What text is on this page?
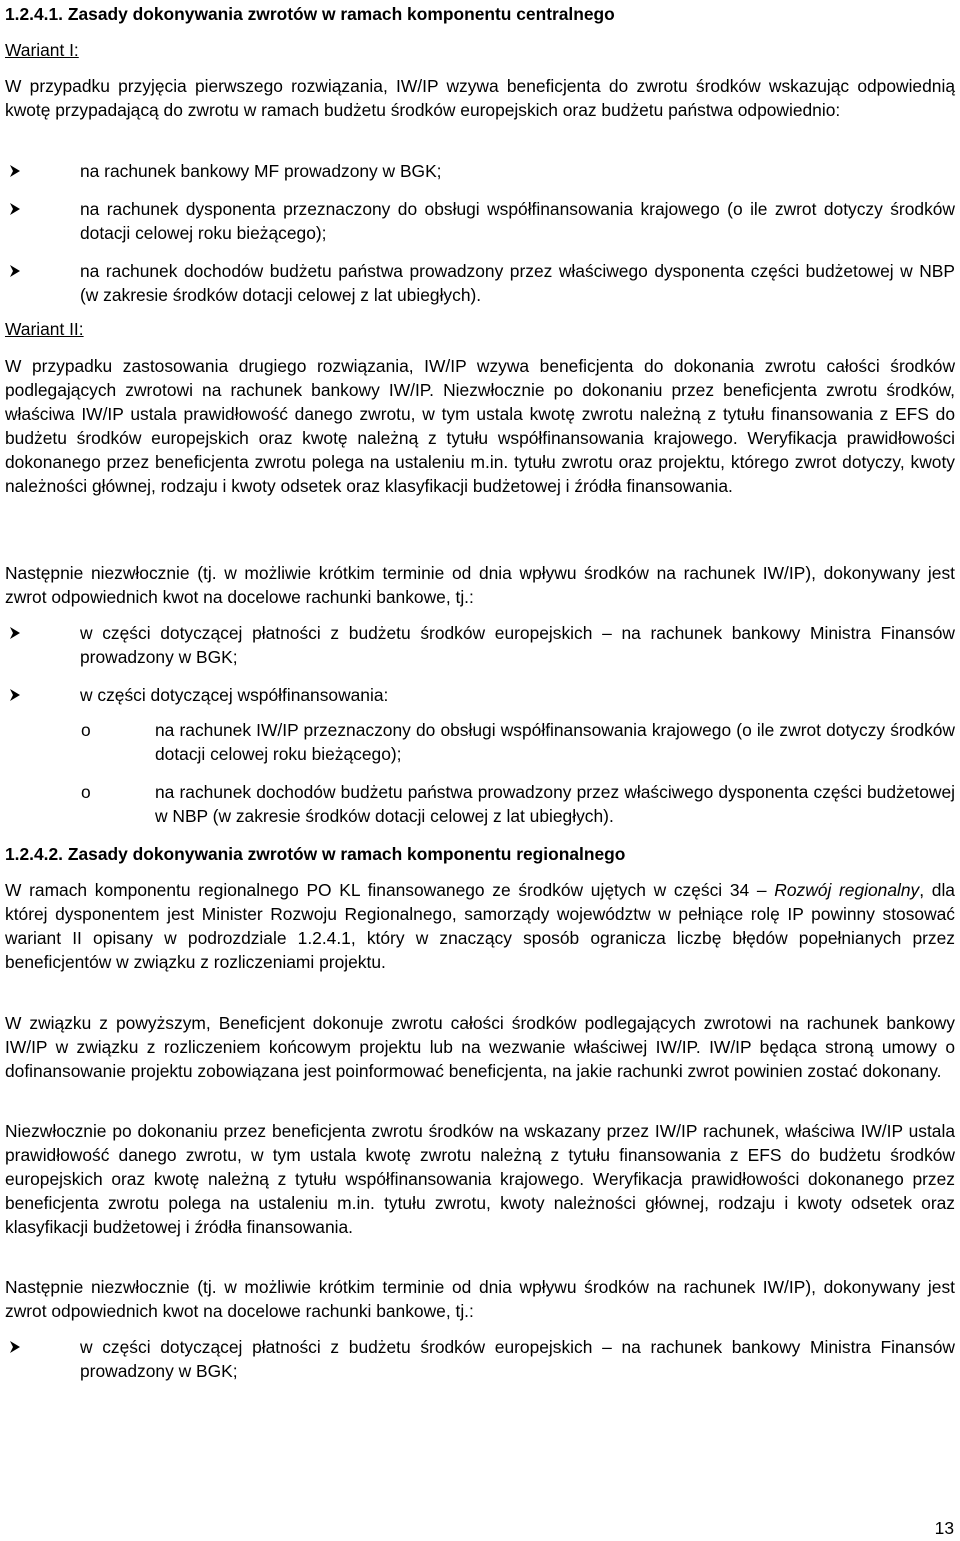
1.2.4.1. Zasady dokonywania zwrotów w ramach komponentu centralnego
Wariant I:

W przypadku przyjęcia pierwszego rozwiązania, IW/IP wzywa beneficjenta do zwrotu środków wskazując odpowiednią kwotę przypadającą do zwrotu w ramach budżetu środków europejskich oraz budżetu państwa odpowiednio:

na rachunek bankowy MF prowadzony w BGK;
na rachunek dysponenta przeznaczony do obsługi współfinansowania krajowego (o ile zwrot dotyczy środków dotacji celowej roku bieżącego);
na rachunek dochodów budżetu państwa prowadzony przez właściwego dysponenta części budżetowej w NBP (w zakresie środków dotacji celowej z lat ubiegłych).
Wariant II:

W przypadku zastosowania drugiego rozwiązania, IW/IP wzywa beneficjenta do dokonania zwrotu całości środków podlegających zwrotowi na rachunek bankowy IW/IP. Niezwłocznie po dokonaniu przez beneficjenta zwrotu środków, właściwa IW/IP ustala prawidłowość danego zwrotu, w tym ustala kwotę zwrotu należną z tytułu finansowania z EFS do budżetu środków europejskich oraz kwotę należną z tytułu współfinansowania krajowego. Weryfikacja prawidłowości dokonanego przez beneficjenta zwrotu polega na ustaleniu m.in. tytułu zwrotu oraz projektu, którego zwrot dotyczy, kwoty należności głównej, rodzaju i kwoty odsetek oraz klasyfikacji budżetowej i źródła finansowania.

Następnie niezwłocznie (tj. w możliwie krótkim terminie od dnia wpływu środków na rachunek IW/IP), dokonywany jest zwrot odpowiednich kwot na docelowe rachunki bankowe, tj.:

w części dotyczącej płatności z budżetu środków europejskich – na rachunek bankowy Ministra Finansów prowadzony w BGK;
w części dotyczącej współfinansowania:
o	na rachunek IW/IP przeznaczony do obsługi współfinansowania krajowego (o ile zwrot dotyczy środków dotacji celowej roku bieżącego);
o	na rachunek dochodów budżetu państwa prowadzony przez właściwego dysponenta części budżetowej w NBP (w zakresie środków dotacji celowej z lat ubiegłych).
1.2.4.2. Zasady dokonywania zwrotów w ramach komponentu regionalnego

W ramach komponentu regionalnego PO KL finansowanego ze środków ujętych w części 34 – Rozwój regionalny, dla której dysponentem jest Minister Rozwoju Regionalnego, samorządy województw w pełniące rolę IP powinny stosować wariant II opisany w podrozdziale 1.2.4.1, który w znaczący sposób ogranicza liczbę błędów popełnianych przez beneficjentów w związku z rozliczeniami projektu.

W związku z powyższym, Beneficjent dokonuje zwrotu całości środków podlegających zwrotowi na rachunek bankowy IW/IP w związku z rozliczeniem końcowym projektu lub na wezwanie właściwej IW/IP. IW/IP będąca stroną umowy o dofinansowanie projektu zobowiązana jest poinformować beneficjenta, na jakie rachunki zwrot powinien zostać dokonany.

Niezwłocznie po dokonaniu przez beneficjenta zwrotu środków na wskazany przez IW/IP rachunek, właściwa IW/IP ustala prawidłowość danego zwrotu, w tym ustala kwotę zwrotu należną z tytułu finansowania z EFS do budżetu środków europejskich oraz kwotę należną z tytułu współfinansowania krajowego. Weryfikacja prawidłowości dokonanego przez beneficjenta zwrotu polega na ustaleniu m.in. tytułu zwrotu, kwoty należności głównej, rodzaju i kwoty odsetek oraz klasyfikacji budżetowej i źródła finansowania.

Następnie niezwłocznie (tj. w możliwie krótkim terminie od dnia wpływu środków na rachunek IW/IP), dokonywany jest zwrot odpowiednich kwot na docelowe rachunki bankowe, tj.:

w części dotyczącej płatności z budżetu środków europejskich – na rachunek bankowy Ministra Finansów prowadzony w BGK;
13
